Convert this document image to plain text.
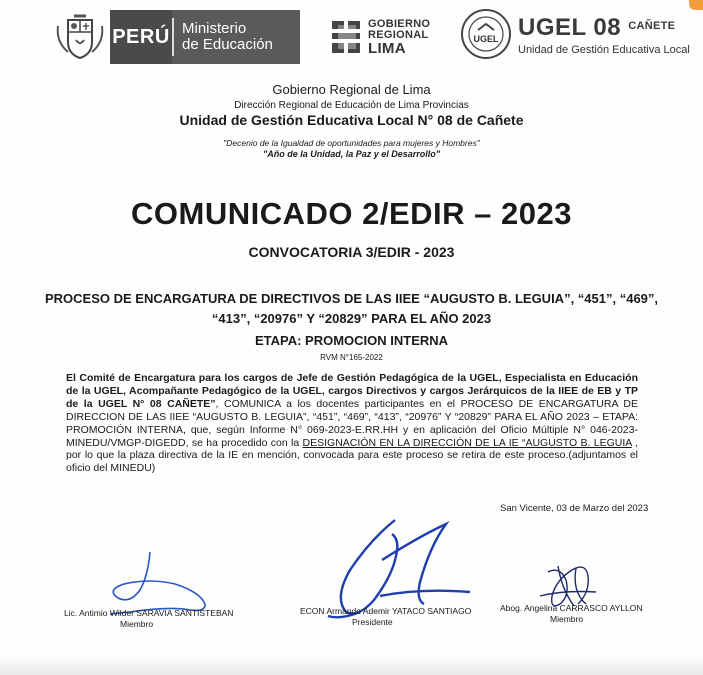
PERÚ Ministerio
de Educación
GOBIERNO
REGIONAL
LIMA
UGEL UGEL 08 $^{CAÑETE}$
Unidad de Gestión Educativa Local
Gobierno Regional de Lima
Dirección Regional de Educación de Lima Provincias
Unidad de Gestión Educativa Local N° 08 de Cañete
"Decenio de la Igualdad de oportunidades para mujeres y Hombres"
"Año de la Unidad, la Paz y el Desarrollo"
COMUNICADO 2/EDIR – 2023
CONVOCATORIA 3/EDIR - 2023
PROCESO DE ENCARGATURA DE DIRECTIVOS DE LAS IIEE “AUGUSTO B. LEGUIA”, “451”, “469”,
“413”, “20976” Y “20829” PARA EL AÑO 2023
ETAPA: PROMOCION INTERNA
RVM N°165-2022
El Comité de Encargatura para los cargos de Jefe de Gestión Pedagógica de la UGEL, Especialista en Educación de la UGEL, Acompañante Pedagógico de la UGEL, cargos Directivos y cargos Jerárquicos de la IIEE de EB y TP de la UGEL N° 08 CAÑETE”, COMUNICA a los docentes participantes en el PROCESO DE ENCARGATURA DE DIRECCION DE LAS IIEE “AUGUSTO B. LEGUIA”, “451”, “469”, “413”, “20976” Y “20829” PARA EL AÑO 2023 – ETAPA: PROMOCIÓN INTERNA, que, según Informe N° 069-2023-E.RR.HH y en aplicación del Oficio Múltiple N° 046-2023-MINEDU/VMGP-DIGEDD, se ha procedido con la DESIGNACIÓN EN LA DIRECCIÓN DE LA IE “AUGUSTO B. LEGUIA , por lo que la plaza directiva de la IE en mención, convocada para este proceso se retira de este proceso.(adjuntamos el oficio del MINEDU)
San Vicente, 03 de Marzo del 2023
Lic. Antimio Wilder SARAVIA SANTISTEBAN
Miembro
ECON Armando Ademir YATACO SANTIAGO
Presidente
Abog. Angelina CARRASCO AYLLON
Miembro
